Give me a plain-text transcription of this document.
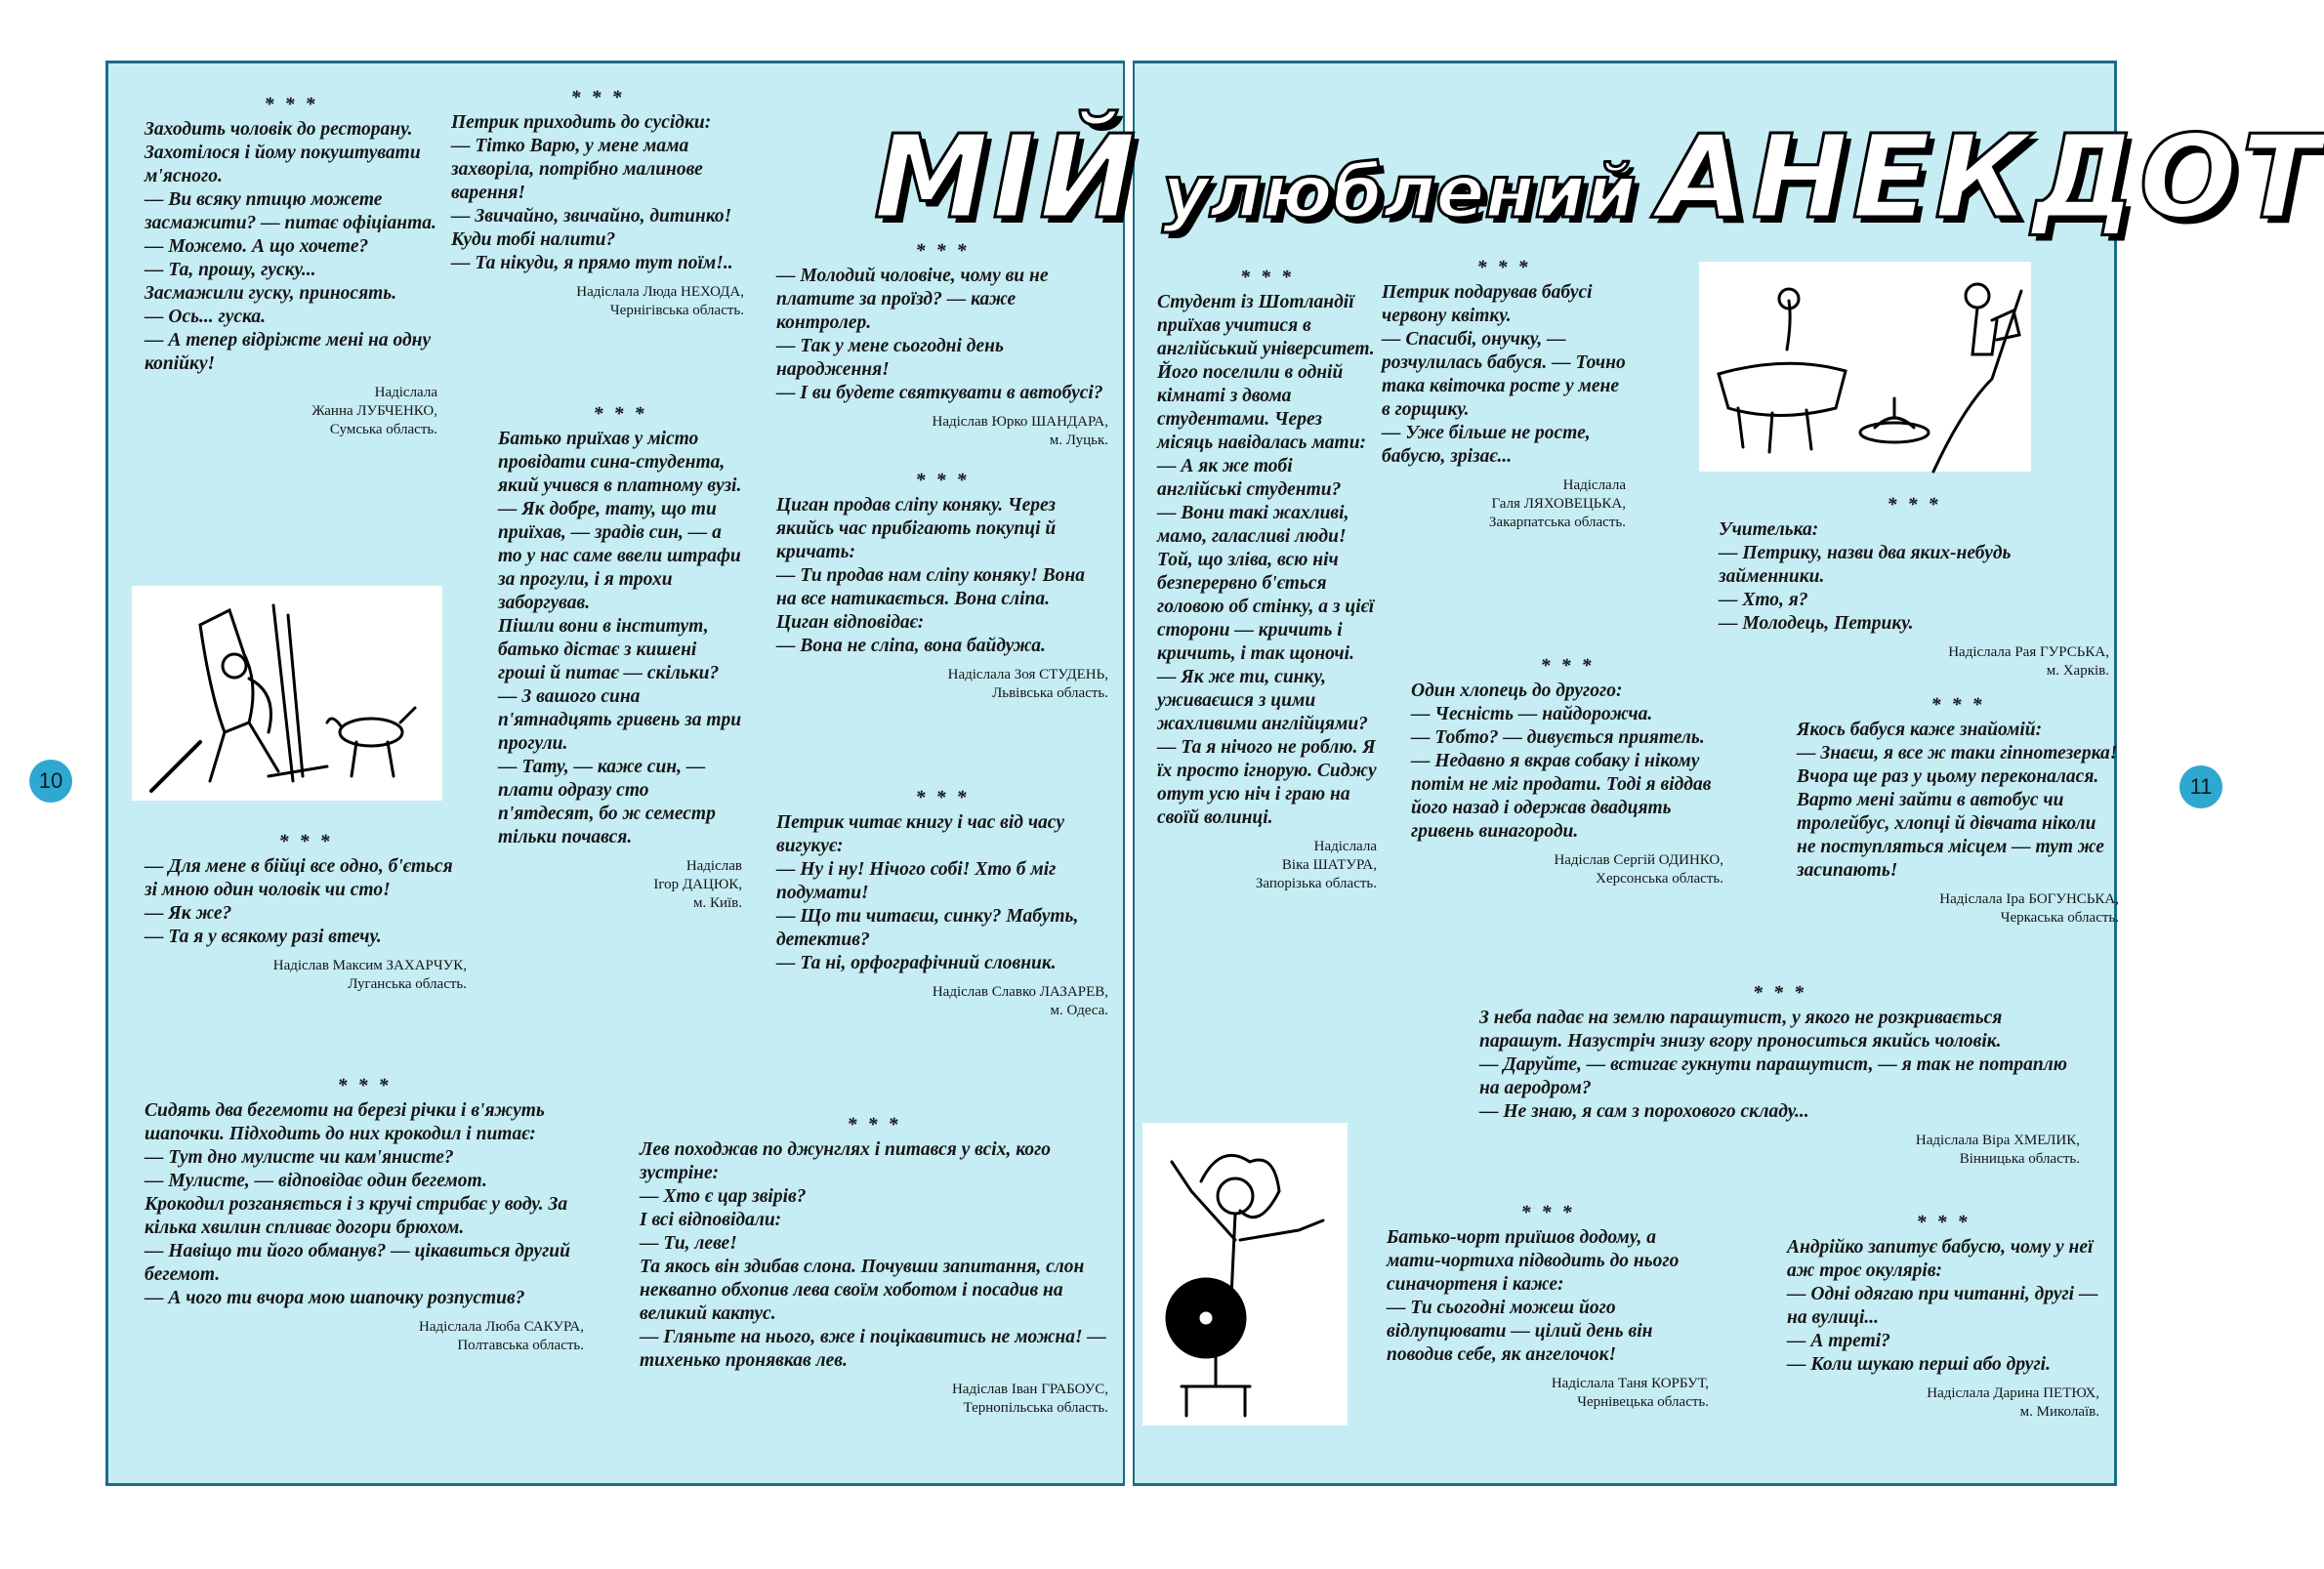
10	11
МІЙ улюблений АНЕКДОТ
* * *

Заходить чоловік до ресторану. Захотілося і йому покуштувати м'ясного.
— Ви всяку птицю можете засмажити? — питає офіціанта.
— Можемо. А що хочете?
— Та, прошу, гуску...
Засмажили гуску, приносять.
— Ось... гуска.
— А тепер відріжте мені на одну копійку!

Надіслала
Жанна ЛУБЧЕНКО,
Сумська область.
* * *

Петрик приходить до сусідки:
— Тітко Варю, у мене мама захворіла, потрібно малинове варення!
— Звичайно, звичайно, дитинко! Куди тобі налити?
— Та нікуди, я прямо тут поїм!..

Надіслала Люда НЕХОДА,
Чернігівська область.
* * *

Батько приїхав у місто провідати сина-студента, який учився в платному вузі.
— Як добре, тату, що ти приїхав, — зрадів син, — а то у нас саме ввели штрафи за прогули, і я трохи заборгував.
Пішли вони в інститут, батько дістає з кишені гроші й питає — скільки?
— З вашого сина п'ятнадцять гривень за три прогули.
— Тату, — каже син, — плати одразу сто п'ятдесят, бо ж семестр тільки почався.

Надіслав
Ігор ДАЦЮК,
м. Київ.
* * *

— Для мене в бійці все одно, б'ється зі мною один чоловік чи сто!
— Як же?
— Та я у всякому разі втечу.

Надіслав Максим ЗАХАРЧУК,
Луганська область.
* * *

Сидять два бегемоти на березі річки і в'яжуть шапочки. Підходить до них крокодил і питає:
— Тут дно мулисте чи кам'янисте?
— Мулисте, — відповідає один бегемот.
Крокодил розганяється і з кручі стрибає у воду. За кілька хвилин спливає догори брюхом.
— Навіщо ти його обманув? — цікавиться другий бегемот.
— А чого ти вчора мою шапочку розпустив?

Надіслала Люба САКУРА,
Полтавська область.
* * *

— Молодий чоловіче, чому ви не платите за проїзд? — каже контролер.
— Так у мене сьогодні день народження!
— І ви будете святкувати в автобусі?

Надіслав Юрко ШАНДАРА,
м. Луцьк.
* * *

Циган продав сліпу коняку. Через якийсь час прибігають покупці й кричать:
— Ти продав нам сліпу коняку! Вона на все натикається. Вона сліпа.
Циган відповідає:
— Вона не сліпа, вона байдужа.

Надіслала Зоя СТУДЕНЬ,
Львівська область.
* * *

Петрик читає книгу і час від часу вигукує:
— Ну і ну! Нічого собі! Хто б міг подумати!
— Що ти читаєш, синку? Мабуть, детектив?
— Та ні, орфографічний словник.

Надіслав Славко ЛАЗАРЕВ,
м. Одеса.
* * *

Лев походжав по джунглях і питався у всіх, кого зустріне:
— Хто є цар звірів?
І всі відповідали:
— Ти, леве!
Та якось він здибав слона. Почувши запитання, слон неквапно обхопив лева своїм хоботом і посадив на великий кактус.
— Гляньте на нього, вже і поцікавитись не можна! — тихенько пронявкав лев.

Надіслав Іван ГРАБОУС,
Тернопільська область.
* * *

Студент із Шотландії приїхав учитися в англійський університет. Його поселили в одній кімнаті з двома студентами. Через місяць навідалась мати:
— А як же тобі англійські студенти?
— Вони такі жахливі, мамо, галасливі люди! Той, що зліва, всю ніч безперервно б'ється головою об стінку, а з цієї сторони — кричить і кричить, і так щоночі.
— Як же ти, синку, уживаєшся з цими жахливими англійцями?
— Та я нічого не роблю. Я їх просто ігнорую. Сиджу отут усю ніч і граю на своїй волинці.

Надіслала
Віка ШАТУРА,
Запорізька область.
* * *

Петрик подарував бабусі червону квітку.
— Спасибі, онучку, — розчулилась бабуся. — Точно така квіточка росте у мене в горщику.
— Уже більше не росте, бабусю, зрізає...

Надіслала
Галя ЛЯХОВЕЦЬКА,
Закарпатська область.
* * *

Один хлопець до другого:
— Чесність — найдорожча.
— Тобто? — дивується приятель.
— Недавно я вкрав собаку і нікому потім не міг продати. Тоді я віддав його назад і одержав двадцять гривень винагороди.

Надіслав Сергій ОДИНКО,
Херсонська область.
* * *

Учителька:
— Петрику, назви два яких-небудь займенники.
— Хто, я?
— Молодець, Петрику.

Надіслала Рая ГУРСЬКА,
м. Харків.
* * *

Якось бабуся каже знайомій:
— Знаєш, я все ж таки гіпнотезерка! Вчора ще раз у цьому переконалася. Варто мені зайти в автобус чи тролейбус, хлопці й дівчата ніколи не поступляться місцем — тут же засипають!

Надіслала Іра БОГУНСЬКА,
Черкаська область.
* * *

З неба падає на землю парашутист, у якого не розкривається парашут. Назустріч знизу вгору проноситься якийсь чоловік.
— Даруйте, — встигає гукнути парашутист, — я так не потраплю на аеродром?
— Не знаю, я сам з порохового складу...

Надіслала Віра ХМЕЛИК,
Вінницька область.
* * *

Батько-чорт приїшов додому, а мати-чортиха підводить до нього синачортеня і каже:
— Ти сьогодні можеш його відлупцювати — цілий день він поводив себе, як ангелочок!

Надіслала Таня КОРБУТ,
Чернівецька область.
* * *

Андрійко запитує бабусю, чому у неї аж троє окулярів:
— Одні одягаю при читанні, другі — на вулиці...
— А треті?
— Коли шукаю перші або другі.

Надіслала Дарина ПЕТЮХ,
м. Миколаїв.
